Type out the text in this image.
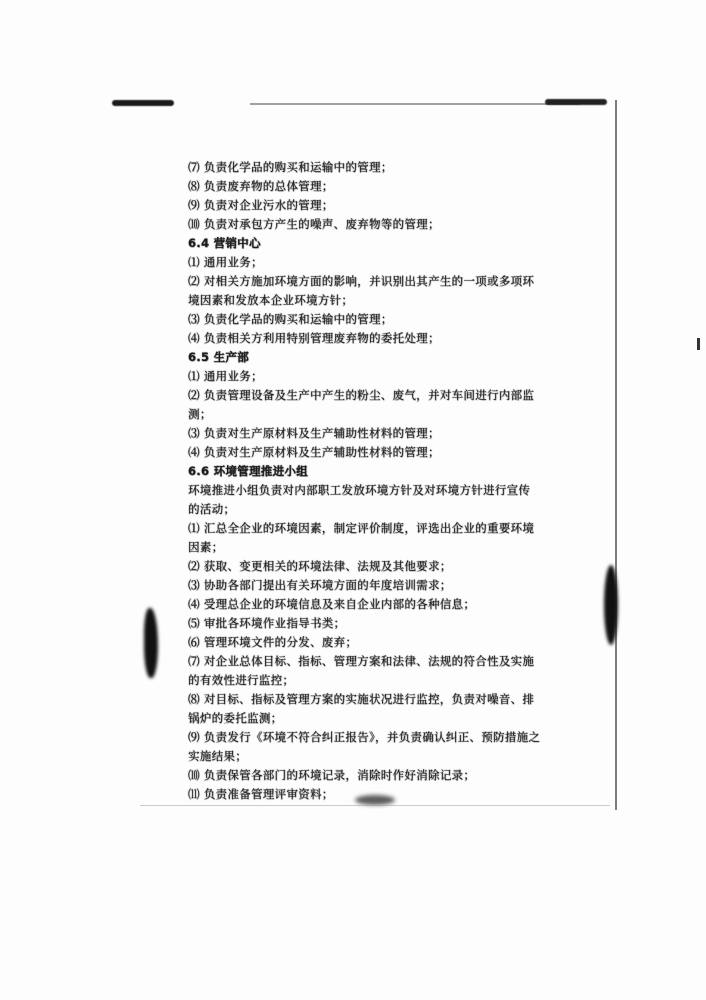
⑺ 负责化学品的购买和运输中的管理；
⑻ 负责废弃物的总体管理；
⑼ 负责对企业污水的管理；
⑽ 负责对承包方产生的噪声、废弃物等的管理；
6.4 营销中心
⑴ 通用业务；
⑵ 对相关方施加环境方面的影响，并识别出其产生的一项或多项环
境因素和发放本企业环境方针；
⑶ 负责化学品的购买和运输中的管理；
⑷ 负责相关方利用特别管理废弃物的委托处理；
6.5 生产部
⑴ 通用业务；
⑵ 负责管理设备及生产中产生的粉尘、废气，并对车间进行内部监
测；
⑶ 负责对生产原材料及生产辅助性材料的管理；
⑷ 负责对生产原材料及生产辅助性材料的管理；
6.6 环境管理推进小组
环境推进小组负责对内部职工发放环境方针及对环境方针进行宣传
的活动；
⑴ 汇总全企业的环境因素，制定评价制度，评选出企业的重要环境
因素；
⑵ 获取、变更相关的环境法律、法规及其他要求；
⑶ 协助各部门提出有关环境方面的年度培训需求；
⑷ 受理总企业的环境信息及来自企业内部的各种信息；
⑸ 审批各环境作业指导书类；
⑹ 管理环境文件的分发、废弃；
⑺ 对企业总体目标、指标、管理方案和法律、法规的符合性及实施
的有效性进行监控；
⑻ 对目标、指标及管理方案的实施状况进行监控，负责对噪音、排
锅炉的委托监测；
⑼ 负责发行《环境不符合纠正报告》，并负责确认纠正、预防措施之
实施结果；
⑽ 负责保管各部门的环境记录，消除时作好消除记录；
⑾ 负责准备管理评审资料；
